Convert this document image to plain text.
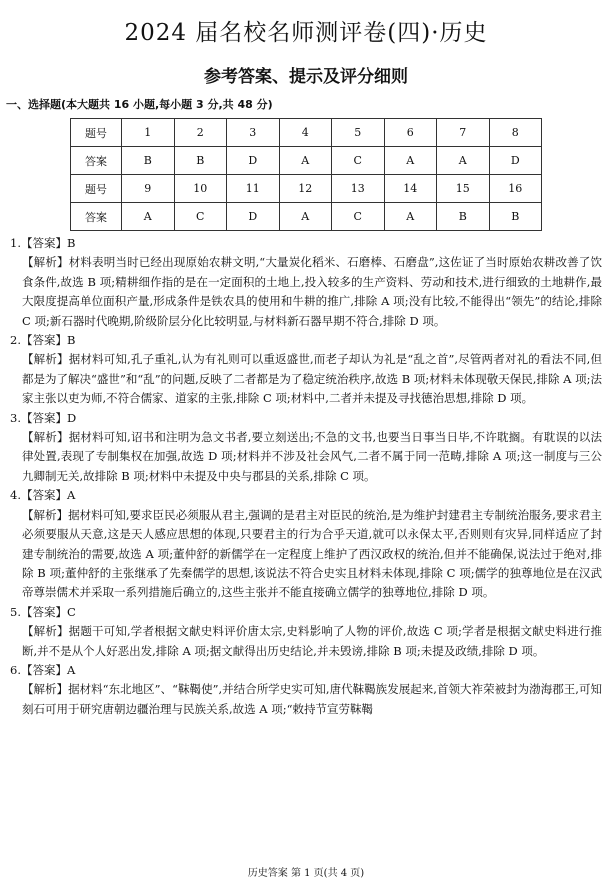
2024 届名校名师测评卷(四)·历史
参考答案、提示及评分细则
一、选择题(本大题共 16 小题,每小题 3 分,共 48 分)
题号	1	2	3	4	5	6	7	8
答案	B	B	D	A	C	A	A	D
题号	9	10	11	12	13	14	15	16
答案	A	C	D	A	C	A	B	B
1.【答案】B
【解析】材料表明当时已经出现原始农耕文明,“大量炭化稻米、石磨棒、石磨盘”,这佐证了当时原始农耕改善了饮食条件,故选 B 项;精耕细作指的是在一定面积的土地上,投入较多的生产资料、劳动和技术,进行细致的土地耕作,最大限度提高单位面积产量,形成条件是铁农具的使用和牛耕的推广,排除 A 项;没有比较,不能得出“领先”的结论,排除 C 项;新石器时代晚期,阶级阶层分化比较明显,与材料新石器早期不符合,排除 D 项。
2.【答案】B
【解析】据材料可知,孔子重礼,认为有礼则可以重返盛世,而老子却认为礼是“乱之首”,尽管两者对礼的看法不同,但都是为了解决“盛世”和“乱”的问题,反映了二者都是为了稳定统治秩序,故选 B 项;材料未体现敬天保民,排除 A 项;法家主张以吏为师,不符合儒家、道家的主张,排除 C 项;材料中,二者并未提及寻找德治思想,排除 D 项。
3.【答案】D
【解析】据材料可知,诏书和注明为急文书者,要立刻送出;不急的文书,也要当日事当日毕,不许耽搁。有耽误的以法律处置,表现了专制集权在加强,故选 D 项;材料并不涉及社会风气,二者不属于同一范畴,排除 A 项;这一制度与三公九卿制无关,故排除 B 项;材料中未提及中央与郡县的关系,排除 C 项。
4.【答案】A
【解析】据材料可知,要求臣民必须服从君主,强调的是君主对臣民的统治,是为维护封建君主专制统治服务,要求君主必须要服从天意,这是天人感应思想的体现,只要君主的行为合乎天道,就可以永保太平,否则则有灾异,同样适应了封建专制统治的需要,故选 A 项;董仲舒的新儒学在一定程度上维护了西汉政权的统治,但并不能确保,说法过于绝对,排除 B 项;董仲舒的主张继承了先秦儒学的思想,该说法不符合史实且材料未体现,排除 C 项;儒学的独尊地位是在汉武帝尊崇儒术并采取一系列措施后确立的,这些主张并不能直接确立儒学的独尊地位,排除 D 项。
5.【答案】C
【解析】据题干可知,学者根据文献史料评价唐太宗,史料影响了人物的评价,故选 C 项;学者是根据文献史料进行推断,并不是从个人好恶出发,排除 A 项;据文献得出历史结论,并未毁谤,排除 B 项;未提及政绩,排除 D 项。
6.【答案】A
【解析】据材料“东北地区”、“靺鞨使”,并结合所学史实可知,唐代靺鞨族发展起来,首领大祚荣被封为渤海郡王,可知刻石可用于研究唐朝边疆治理与民族关系,故选 A 项;“敕持节宣劳靺鞨
历史答案 第 1 页(共 4 页)
